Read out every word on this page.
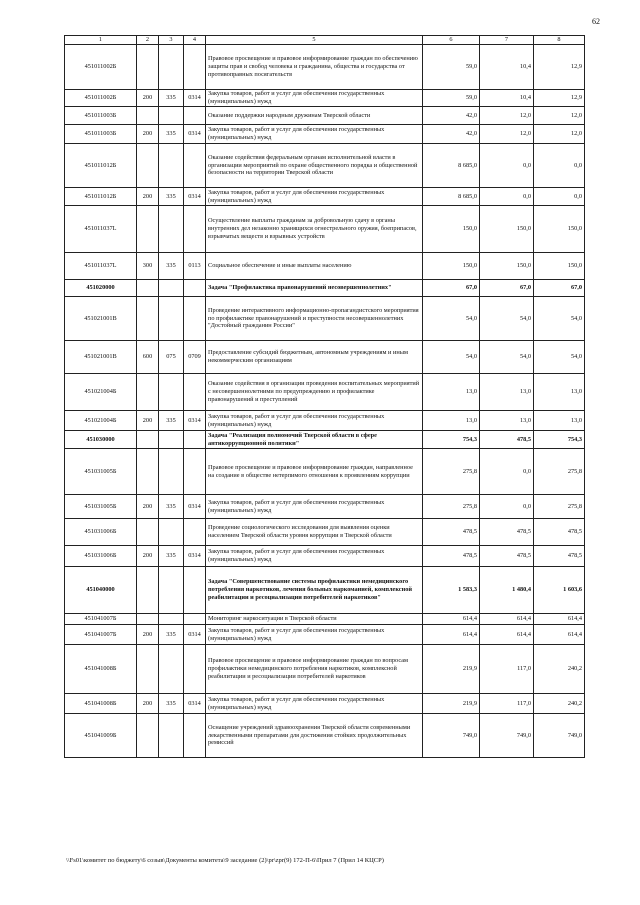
62
1	2	3	4	5	6	7	8
451011002Б				Правовое просвещение и правовое информирование граждан по обеспечению защиты прав и свобод человека и гражданина, общества и государства от противоправных посягательств	59,0	10,4	12,9
451011002Б	200	335	0314	Закупка товаров, работ и услуг для обеспечения государственных (муниципальных) нужд	59,0	10,4	12,9
451011003Б				Оказание поддержки народным дружинам Тверской области	42,0	12,0	12,0
451011003Б	200	335	0314	Закупка товаров, работ и услуг для обеспечения государственных (муниципальных) нужд	42,0	12,0	12,0
451011012Б				Оказание содействия федеральным органам исполнительной власти в организации мероприятий по охране общественного порядка и общественной безопасности на территории Тверской области	8 685,0	0,0	0,0
451011012Б	200	335	0314	Закупка товаров, работ и услуг для обеспечения государственных (муниципальных) нужд	8 685,0	0,0	0,0
451011037L				Осуществление выплаты гражданам за добровольную сдачу в органы внутренних дел незаконно хранящихся огнестрельного оружия, боеприпасов, взрывчатых веществ и взрывных устройств	150,0	150,0	150,0
451011037L	300	335	0113	Социальное обеспечение и иные выплаты населению	150,0	150,0	150,0
451020000				Задача "Профилактика правонарушений несовершеннолетних"	67,0	67,0	67,0
451021001В				Проведение интерактивного информационно-пропагандистского мероприятия по профилактике правонарушений и преступности несовершеннолетних "Достойный гражданин России"	54,0	54,0	54,0
451021001В	600	075	0709	Предоставление субсидий бюджетным, автономным учреждениям и иным некоммерческим организациям	54,0	54,0	54,0
451021004Б				Оказание содействия в организации проведения воспитательных мероприятий с несовершеннолетними по предупреждению и профилактике правонарушений и преступлений	13,0	13,0	13,0
451021004Б	200	335	0314	Закупка товаров, работ и услуг для обеспечения государственных (муниципальных) нужд	13,0	13,0	13,0
451030000				Задача "Реализация полномочий Тверской области в сфере антикоррупционной политики"	754,3	478,5	754,3
451031005Б				Правовое просвещение и правовое информирование граждан, направленное на создание в обществе нетерпимого отношения к проявлениям коррупции	275,8	0,0	275,8
451031005Б	200	335	0314	Закупка товаров, работ и услуг для обеспечения государственных (муниципальных) нужд	275,8	0,0	275,8
451031006Б				Проведение социологического исследования для выявления оценки населением Тверской области уровня коррупции в Тверской области	478,5	478,5	478,5
451031006Б	200	335	0314	Закупка товаров, работ и услуг для обеспечения государственных (муниципальных) нужд	478,5	478,5	478,5
451040000				Задача "Совершенствование системы профилактики немедицинского потребления наркотиков, лечения больных наркоманией, комплексной реабилитации и ресоциализации потребителей наркотиков"	1 583,3	1 480,4	1 603,6
451041007Б				Мониторинг наркоситуации в Тверской области	614,4	614,4	614,4
451041007Б	200	335	0314	Закупка товаров, работ и услуг для обеспечения государственных (муниципальных) нужд	614,4	614,4	614,4
451041008Б				Правовое просвещение и правовое информирование граждан по вопросам профилактики немедицинского потребления наркотиков, комплексной реабилитации и ресоциализации потребителей наркотиков	219,9	117,0	240,2
451041008Б	200	335	0314	Закупка товаров, работ и услуг для обеспечения государственных (муниципальных) нужд	219,9	117,0	240,2
451041009Б				Оснащение учреждений здравоохранения Тверской области современными лекарственными препаратами для достижения стойких продолжительных ремиссий	749,0	749,0	749,0
\\Fs01\комитет по бюджету\6 созыв\Документы комитета\9 заседание (2)\pr\zpr(9) 172-П-6\Прил 7 (Прил 14 КЦСР)
